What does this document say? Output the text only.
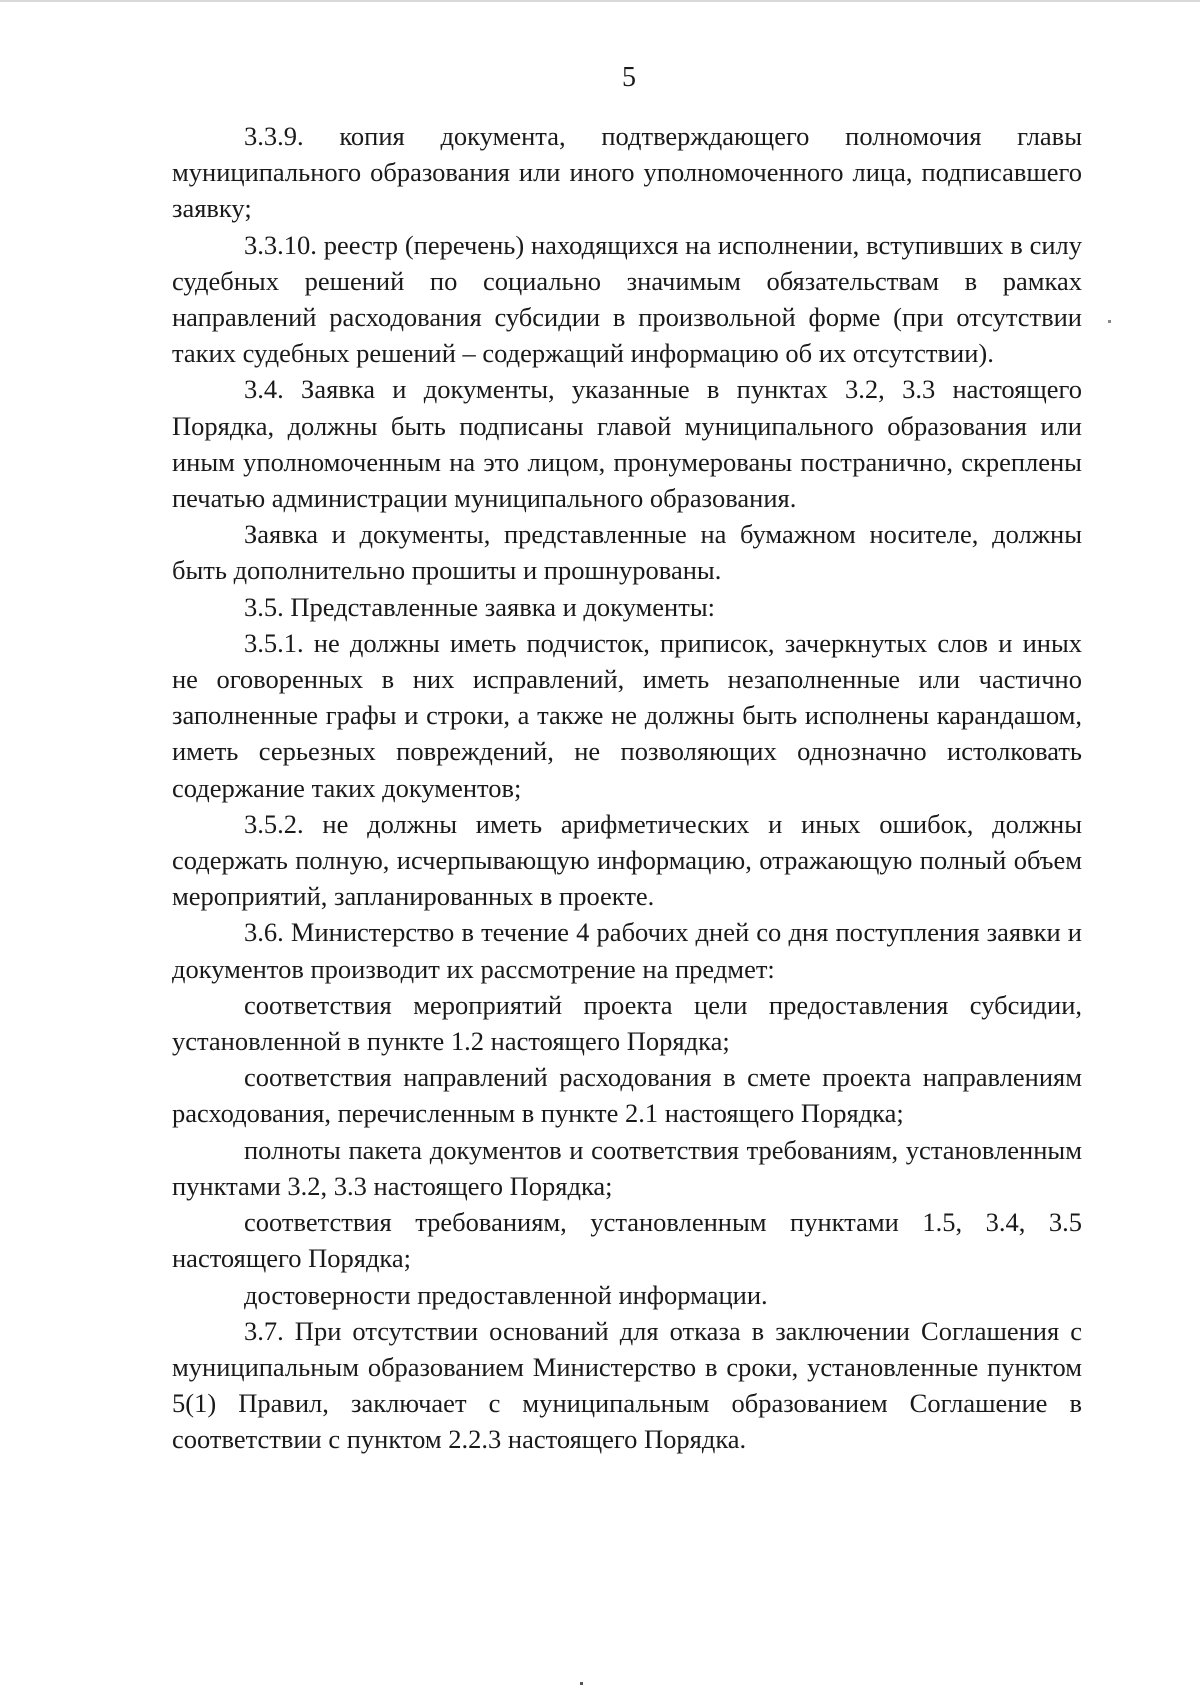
5

3.3.9. копия документа, подтверждающего полномочия главы муниципального образования или иного уполномоченного лица, подписавшего заявку;

3.3.10. реестр (перечень) находящихся на исполнении, вступивших в силу судебных решений по социально значимым обязательствам в рамках направлений расходования субсидии в произвольной форме (при отсутствии таких судебных решений – содержащий информацию об их отсутствии).

3.4. Заявка и документы, указанные в пунктах 3.2, 3.3 настоящего Порядка, должны быть подписаны главой муниципального образования или иным уполномоченным на это лицом, пронумерованы постранично, скреплены печатью администрации муниципального образования.

Заявка и документы, представленные на бумажном носителе, должны быть дополнительно прошиты и прошнурованы.

3.5. Представленные заявка и документы:

3.5.1. не должны иметь подчисток, приписок, зачеркнутых слов и иных не оговоренных в них исправлений, иметь незаполненные или частично заполненные графы и строки, а также не должны быть исполнены карандашом, иметь серьезных повреждений, не позволяющих однозначно истолковать содержание таких документов;

3.5.2. не должны иметь арифметических и иных ошибок, должны содержать полную, исчерпывающую информацию, отражающую полный объем мероприятий, запланированных в проекте.

3.6. Министерство в течение 4 рабочих дней со дня поступления заявки и документов производит их рассмотрение на предмет:

соответствия мероприятий проекта цели предоставления субсидии, установленной в пункте 1.2 настоящего Порядка;

соответствия направлений расходования в смете проекта направлениям расходования, перечисленным в пункте 2.1 настоящего Порядка;

полноты пакета документов и соответствия требованиям, установленным пунктами 3.2, 3.3 настоящего Порядка;

соответствия требованиям, установленным пунктами 1.5, 3.4, 3.5 настоящего Порядка;

достоверности предоставленной информации.

3.7. При отсутствии оснований для отказа в заключении Соглашения с муниципальным образованием Министерство в сроки, установленные пунктом 5(1) Правил, заключает с муниципальным образованием Соглашение в соответствии с пунктом 2.2.3 настоящего Порядка.
